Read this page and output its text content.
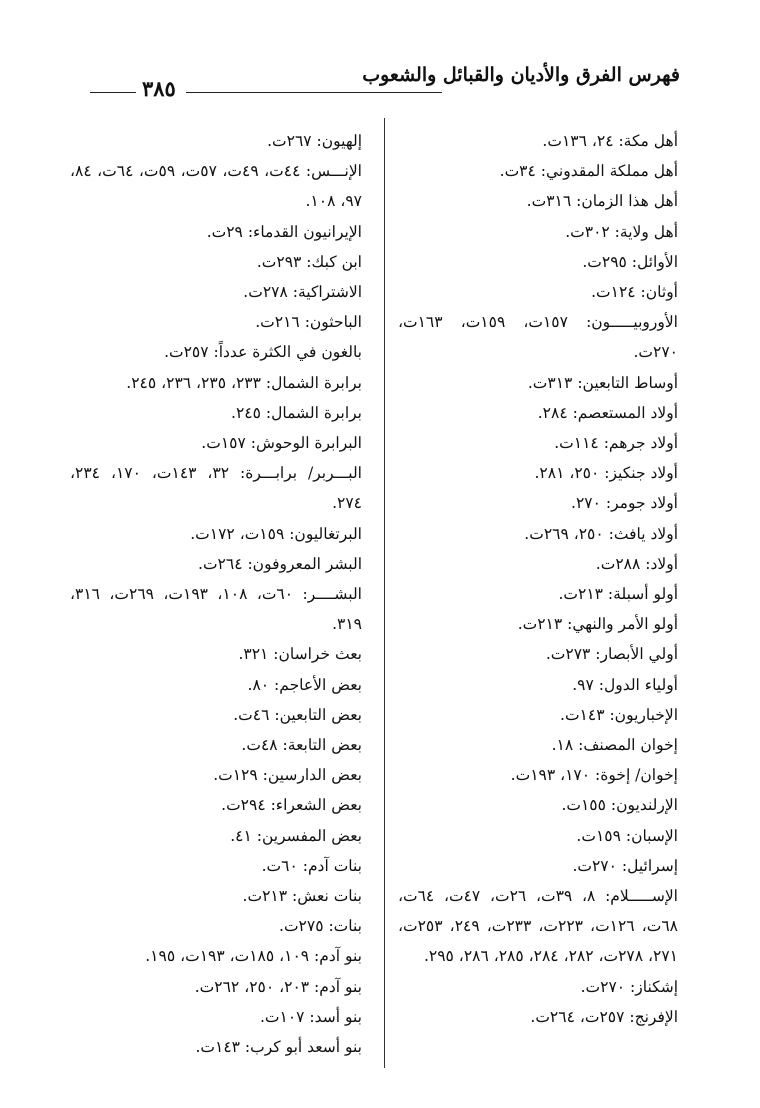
فهرس الفرق والأديان والقبائل والشعوب
٣٨٥

أهل مكة: ٢٤، ١٣٦ت.

أهل مملكة المقدوني: ٣٤ت.

أهل هذا الزمان: ٣١٦ت.

أهل ولاية: ٣٠٢ت.

الأوائل: ٢٩٥ت.

أوثان: ١٢٤ت.

الأوروبيـــــون: ١٥٧ت، ١٥٩ت، ١٦٣ت، ٢٧٠ت.

أوساط التابعين: ٣١٣ت.

أولاد المستعصم: ٢٨٤.

أولاد جرهم: ١١٤ت.

أولاد جنكيز: ٢٥٠، ٢٨١.

أولاد جومر: ٢٧٠.

أولاد يافث: ٢٥٠، ٢٦٩ت.

أولاد: ٢٨٨ت.

أولو أسبلة: ٢١٣ت.

أولو الأمر والنهي: ٢١٣ت.

أولي الأبصار: ٢٧٣ت.

أولياء الدول: ٩٧.

الإخباريون: ١٤٣ت.

إخوان المصنف: ١٨.

إخوان/ إخوة: ١٧٠، ١٩٣ت.

الإرلنديون: ١٥٥ت.

الإسبان: ١٥٩ت.

إسرائيل: ٢٧٠ت.

الإســـــلام: ٨، ٣٩ت، ٢٦ت، ٤٧ت، ٦٤ت، ٦٨ت، ١٢٦ت، ٢٢٣ت، ٢٣٣ت، ٢٤٩، ٢٥٣ت، ٢٧١، ٢٧٨ت، ٢٨٢، ٢٨٤، ٢٨٥، ٢٨٦، ٢٩٥.

إشكناز: ٢٧٠ت.

الإفرنج: ٢٥٧ت، ٢٦٤ت.

إلهيون: ٢٦٧ت.

الإنـــس: ٤٤ت، ٤٩ت، ٥٧ت، ٥٩ت، ٦٤ت، ٨٤، ٩٧، ١٠٨.

الإيرانيون القدماء: ٢٩ت.

ابن كبك: ٢٩٣ت.

الاشتراكية: ٢٧٨ت.

الباحثون: ٢١٦ت.

بالغون في الكثرة عدداً: ٢٥٧ت.

برابرة الشمال: ٢٣٣، ٢٣٥، ٢٣٦، ٢٤٥.

برابرة الشمال: ٢٤٥.

البرابرة الوحوش: ١٥٧ت.

البـــربر/ برابـــرة: ٣٢، ١٤٣ت، ١٧٠، ٢٣٤، ٢٧٤.

البرتغاليون: ١٥٩ت، ١٧٢ت.

البشر المعروفون: ٢٦٤ت.

البشــــر: ٦٠ت، ١٠٨، ١٩٣ت، ٢٦٩ت، ٣١٦، ٣١٩.

بعث خراسان: ٣٢١.

بعض الأعاجم: ٨٠.

بعض التابعين: ٤٦ت.

بعض التابعة: ٤٨ت.

بعض الدارسين: ١٢٩ت.

بعض الشعراء: ٢٩٤ت.

بعض المفسرين: ٤١.

بنات آدم: ٦٠ت.

بنات نعش: ٢١٣ت.

بنات: ٢٧٥ت.

بنو آدم: ١٠٩، ١٨٥ت، ١٩٣ت، ١٩٥.

بنو آدم: ٢٠٣، ٢٥٠، ٢٦٢ت.

بنو أسد: ١٠٧ت.

بنو أسعد أبو كرب: ١٤٣ت.
